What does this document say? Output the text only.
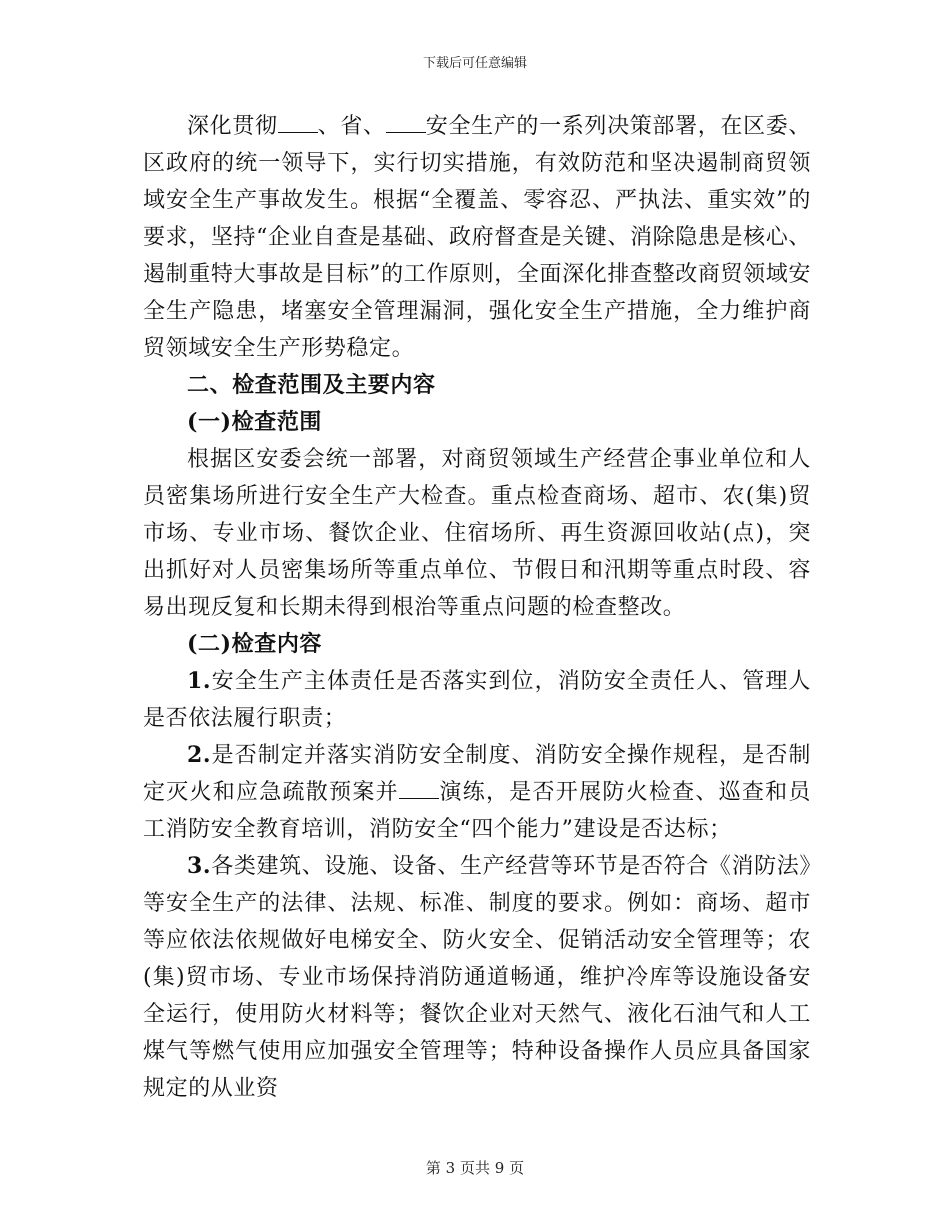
下载后可任意编辑

深化贯彻 、省、 安全生产的一系列决策部署，在区委、区政府的统一领导下，实行切实措施，有效防范和坚决遏制商贸领域安全生产事故发生。根据“全覆盖、零容忍、严执法、重实效”的要求，坚持“企业自查是基础、政府督查是关键、消除隐患是核心、遏制重特大事故是目标”的工作原则，全面深化排查整改商贸领域安全生产隐患，堵塞安全管理漏洞，强化安全生产措施，全力维护商贸领域安全生产形势稳定。

二、检查范围及主要内容

(一)检查范围

根据区安委会统一部署，对商贸领域生产经营企事业单位和人员密集场所进行安全生产大检查。重点检查商场、超市、农(集)贸市场、专业市场、餐饮企业、住宿场所、再生资源回收站(点)，突出抓好对人员密集场所等重点单位、节假日和汛期等重点时段、容易出现反复和长期未得到根治等重点问题的检查整改。

(二)检查内容

1.安全生产主体责任是否落实到位，消防安全责任人、管理人是否依法履行职责；

2.是否制定并落实消防安全制度、消防安全操作规程，是否制定灭火和应急疏散预案并 演练，是否开展防火检查、巡查和员工消防安全教育培训，消防安全“四个能力”建设是否达标；

3.各类建筑、设施、设备、生产经营等环节是否符合《消防法》等安全生产的法律、法规、标准、制度的要求。例如：商场、超市等应依法依规做好电梯安全、防火安全、促销活动安全管理等；农(集)贸市场、专业市场保持消防通道畅通，维护冷库等设施设备安全运行，使用防火材料等；餐饮企业对天然气、液化石油气和人工煤气等燃气使用应加强安全管理等；特种设备操作人员应具备国家规定的从业资

第 3 页共 9 页
